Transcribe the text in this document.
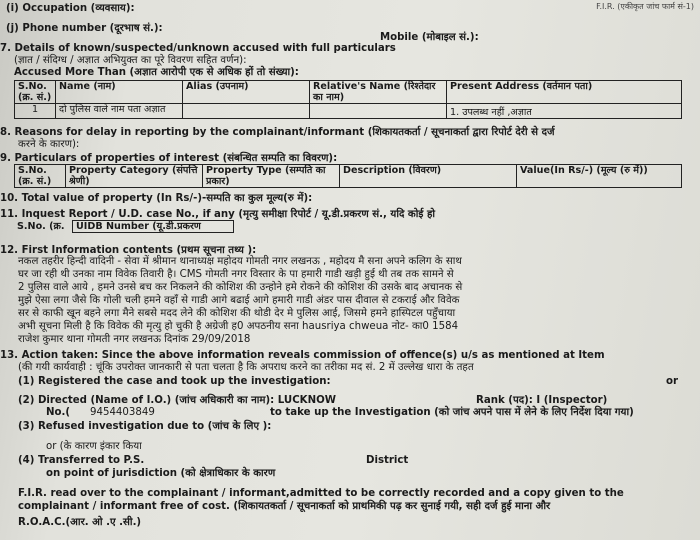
F.I.R. (एकीकृत जांच फार्म सं-1)
(i) Occupation (व्यवसाय):
(j) Phone number (दूरभाष सं.):
Mobile (मोबाइल सं.):
7. Details of known/suspected/unknown accused with full particulars
(ज्ञात / संदिग्ध / अज्ञात अभियुक्त का पूरे विवरण सहित वर्णन):
Accused More Than (अज्ञात आरोपी एक से अधिक हों तो संख्या):
S.No.(क्र. सं.)	Name (नाम)	Alias (उपनाम)	Relative's Name (रिश्तेदार का नाम)	Present Address (वर्तमान पता)
1	दो पुलिस वाले नाम पता अज्ञात			1. उपलब्ध नहीं ,अज्ञात
8. Reasons for delay in reporting by the complainant/informant (शिकायतकर्ता / सूचनाकर्ता द्वारा रिपोर्ट देरी से दर्ज
करने के कारण):
9. Particulars of properties of interest (संबन्धित सम्पति का विवरण):
S.No. (क्र. सं.)	Property Category (संपत्ति श्रेणी)	Property Type (सम्पति का प्रकार)	Description (विवरण)	Value(In Rs/-) (मूल्य (रु में))
10. Total value of property (In Rs/-)-सम्पति का कुल मूल्य(रु में):
11. Inquest Report / U.D. case No., if any (मृत्यु समीक्षा रिपोर्ट / यू.डी.प्रकरण सं., यदि कोई हो
S.No. (क्र.	UIDB Number (यू.डी.प्रकरण
12. First Information contents (प्रथम सूचना तथ्य ):
नकल तहरीर हिन्दी वादिनी - सेवा में श्रीमान थानाध्यक्ष महोदय गोमती नगर लखनऊ , महोदय मै सना अपने कलिग के साथ
घर जा रही थी उनका नाम विवेक तिवारी है। CMS गोमती नगर विस्तार के पा हमारी गाडी खड़ी हुई थी तब तक सामने से
2 पुलिस वाले आये , हमने उनसे बच कर निकलने की कोशिश की उन्होने हमे रोकने की कोशिश की उसके बाद अचानक से
मुझे ऐसा लगा जैसे कि गोली चली हमने वहाँ से गाडी आगे बढाई आगे हमारी गाडी अंडर पास दीवाल से टकराई और विवेक
सर से काफी खून बहने लगा मैने सबसे मदद लेने की कोशिश की थोडी देर मे पुलिस आई, जिसमे हमने हास्पिटल पहुँचाया
अभी सूचना मिली है कि विवेक की मृत्यु हो चुकी है अग्रेजी ह0 अपठनीय सना hausriya chweua नोट- का0 1584
राजेश कुमार थाना गोमती नगर लखनऊ दिनांक 29/09/2018
13. Action taken: Since the above information reveals commission of offence(s) u/s as mentioned at Item
(की गयी कार्यवाही : चूंकि उपरोक्त जानकारी से पता चलता है कि अपराध करने का तरीका मद सं. 2 में उल्लेख धारा के तहत
(1) Registered the case and took up the investigation:	or
(2) Directed (Name of I.O.) (जांच अधिकारी का नाम): LUCKNOW	Rank (पद): I (Inspector)
No.( 9454403849	to take up the Investigation (को जांच अपने पास में लेने के लिए निर्देश दिया गया)
(3) Refused investigation due to (जांच के लिए ):
or (के कारण इंकार किया
(4) Transferred to P.S.	District
on point of jurisdiction (को क्षेत्राधिकार के कारण
F.I.R. read over to the complainant / informant,admitted to be correctly recorded and a copy given to the
complainant / informant free of cost. (शिकायतकर्ता / सूचनाकर्ता को प्राथमिकी पढ़ कर सुनाई गयी, सही दर्ज हुई माना और
R.O.A.C.(आर. ओ .ए .सी.)
